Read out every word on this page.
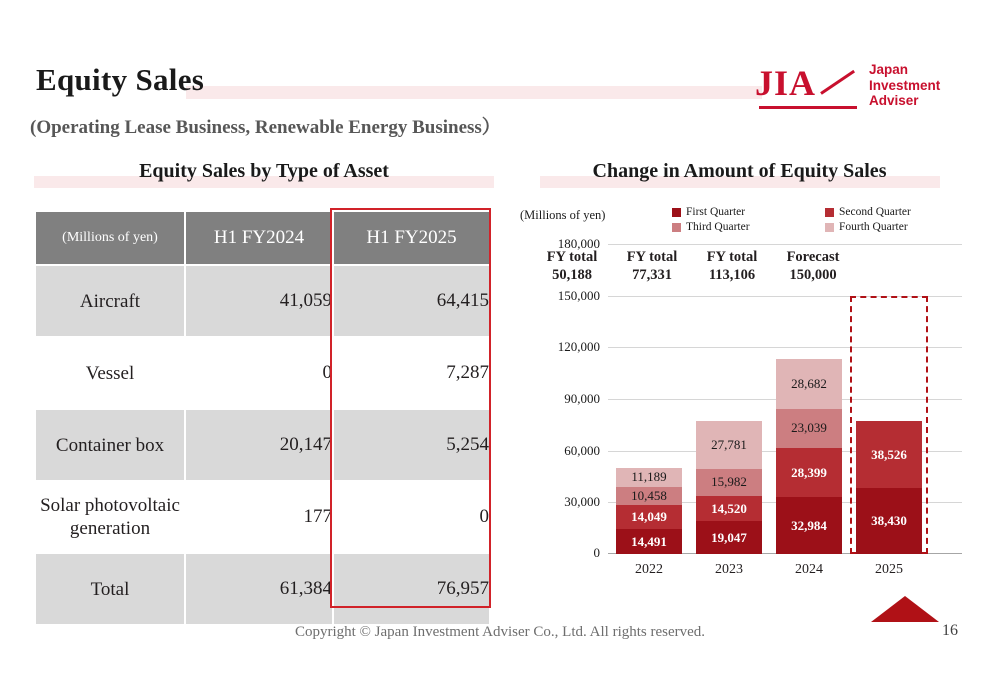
Equity Sales
(Operating Lease Business, Renewable Energy Business）
JIA	Japan
Investment
Adviser
Equity Sales by Type of Asset	Change in Amount of Equity Sales
(Millions of yen)	H1 FY2024	H1 FY2025
Aircraft	41,059	64,415
Vessel	0	7,287
Container box	20,147	5,254
Solar photovoltaic generation	177	0
Total	61,384	76,957
(Millions of yen)	First Quarter	Second Quarter
Third Quarter	Fourth Quarter
FY total
50,188
FY total
77,331
FY total
113,106
Forecast
150,000
180,000
150,000
120,000
90,000
60,000
30,000
0
14,491
14,049
10,458
11,189
2022
19,047
14,520
15,982
27,781
2023
32,984
28,399
23,039
28,682
2024
38,430
38,526
2025
Copyright © Japan Investment Adviser Co., Ltd. All rights reserved.	16
